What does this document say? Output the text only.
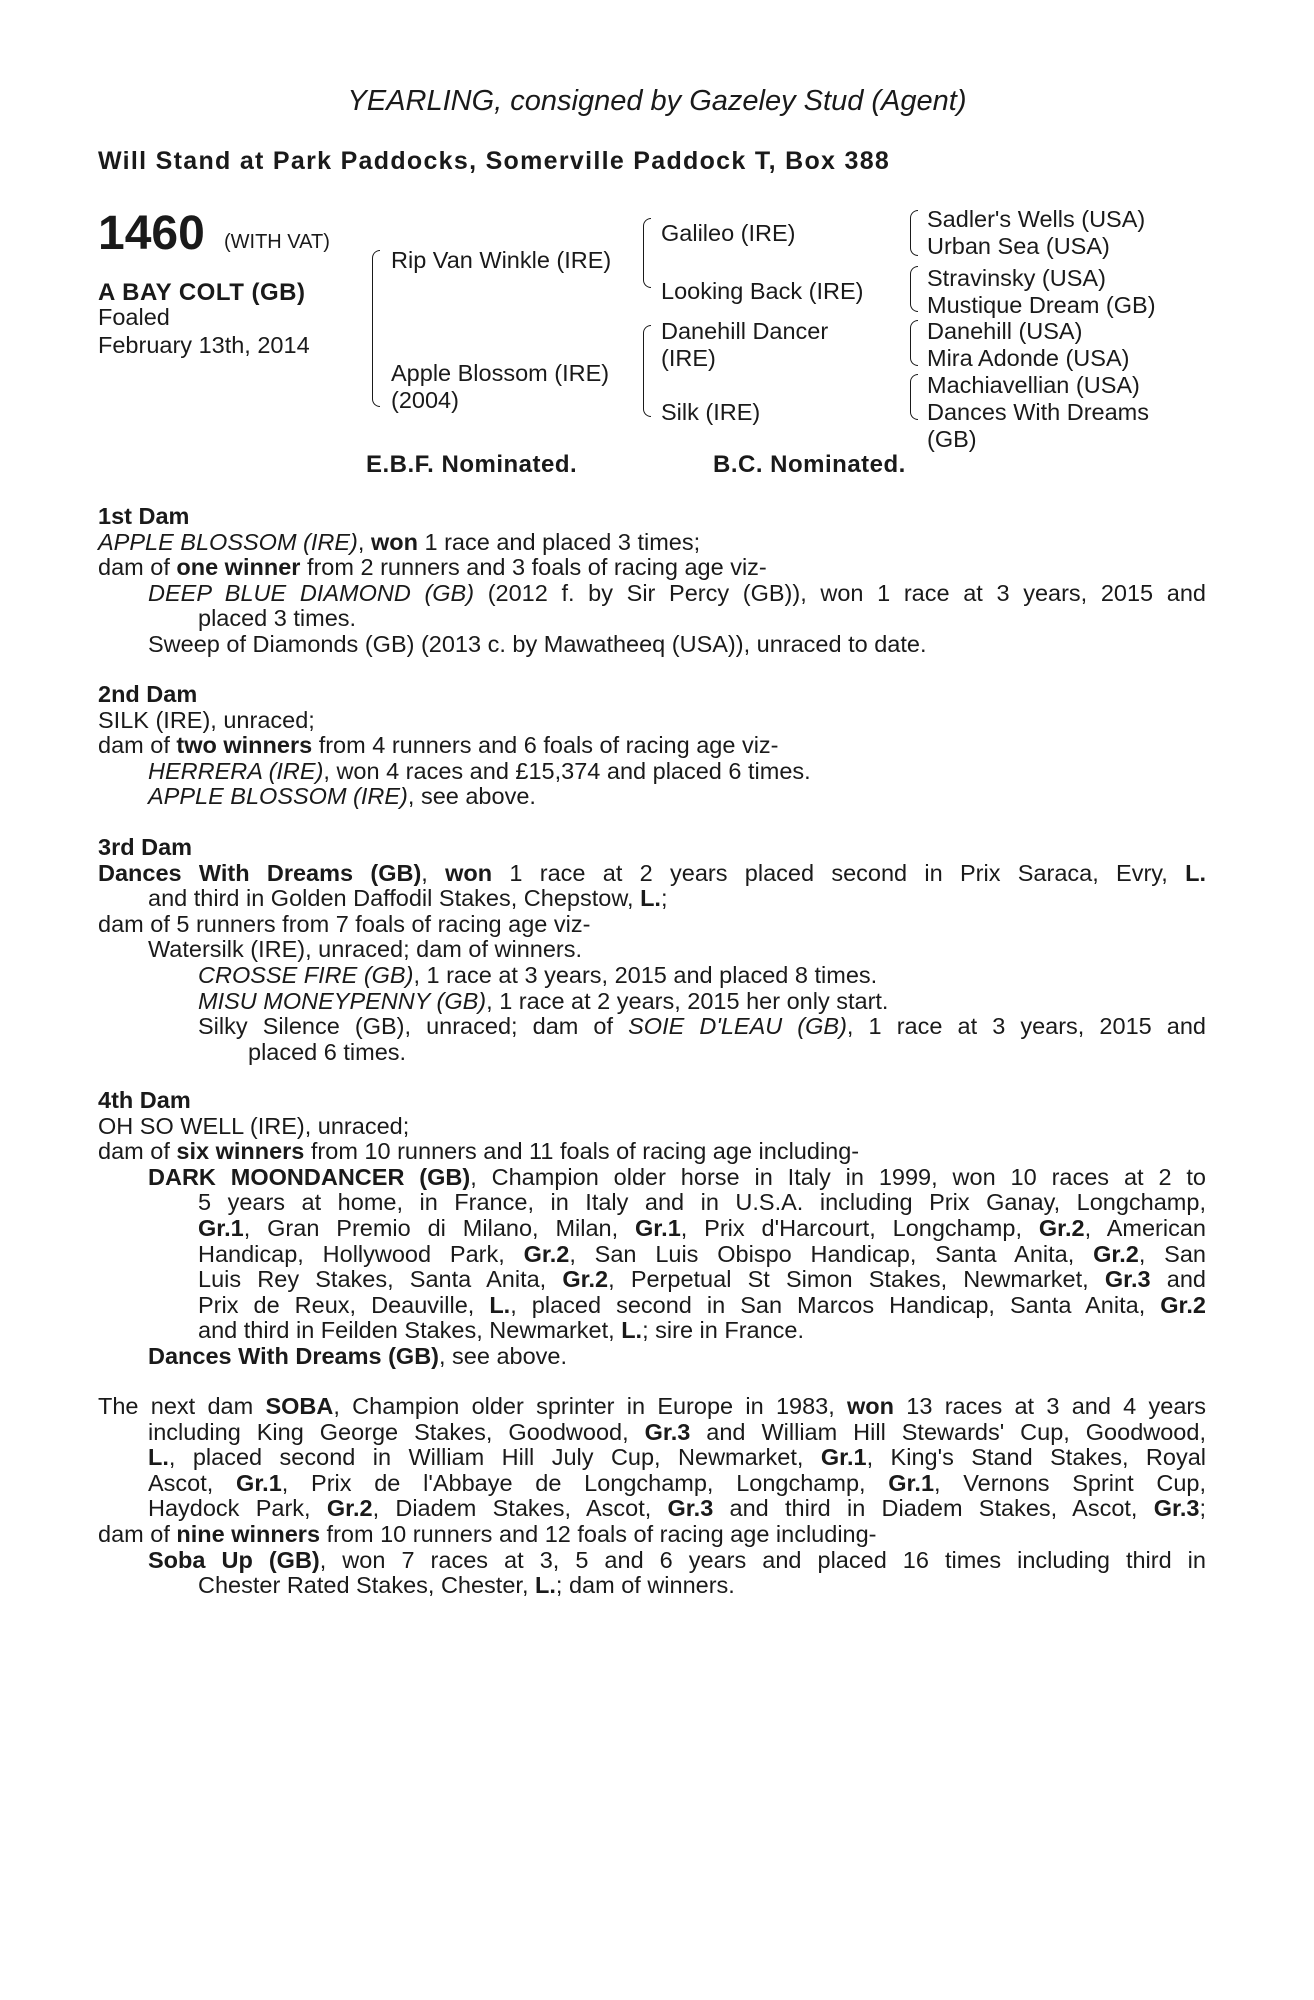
YEARLING, consigned by Gazeley Stud (Agent)
Will Stand at Park Paddocks, Somerville Paddock T, Box 388
1460 (WITH VAT)
A BAY COLT (GB)
Foaled
February 13th, 2014
Rip Van Winkle (IRE)
Apple Blossom (IRE)
(2004)
Galileo (IRE)
Looking Back (IRE)
Danehill Dancer
(IRE)
Silk (IRE)
Sadler's Wells (USA)
Urban Sea (USA)
Stravinsky (USA)
Mustique Dream (GB)
Danehill (USA)
Mira Adonde (USA)
Machiavellian (USA)
Dances With Dreams
(GB)
E.B.F. Nominated.	B.C. Nominated.
1st Dam
APPLE BLOSSOM (IRE), won 1 race and placed 3 times;
dam of one winner from 2 runners and 3 foals of racing age viz-
DEEP BLUE DIAMOND (GB) (2012 f. by Sir Percy (GB)), won 1 race at 3 years, 2015 and
placed 3 times.
Sweep of Diamonds (GB) (2013 c. by Mawatheeq (USA)), unraced to date.
2nd Dam
SILK (IRE), unraced;
dam of two winners from 4 runners and 6 foals of racing age viz-
HERRERA (IRE), won 4 races and £15,374 and placed 6 times.
APPLE BLOSSOM (IRE), see above.
3rd Dam
Dances With Dreams (GB), won 1 race at 2 years placed second in Prix Saraca, Evry, L.
and third in Golden Daffodil Stakes, Chepstow, L.;
dam of 5 runners from 7 foals of racing age viz-
Watersilk (IRE), unraced; dam of winners.
CROSSE FIRE (GB), 1 race at 3 years, 2015 and placed 8 times.
MISU MONEYPENNY (GB), 1 race at 2 years, 2015 her only start.
Silky Silence (GB), unraced; dam of SOIE D'LEAU (GB), 1 race at 3 years, 2015 and
placed 6 times.
4th Dam
OH SO WELL (IRE), unraced;
dam of six winners from 10 runners and 11 foals of racing age including-
DARK MOONDANCER (GB), Champion older horse in Italy in 1999, won 10 races at 2 to
5 years at home, in France, in Italy and in U.S.A. including Prix Ganay, Longchamp,
Gr.1, Gran Premio di Milano, Milan, Gr.1, Prix d'Harcourt, Longchamp, Gr.2, American
Handicap, Hollywood Park, Gr.2, San Luis Obispo Handicap, Santa Anita, Gr.2, San
Luis Rey Stakes, Santa Anita, Gr.2, Perpetual St Simon Stakes, Newmarket, Gr.3 and
Prix de Reux, Deauville, L., placed second in San Marcos Handicap, Santa Anita, Gr.2
and third in Feilden Stakes, Newmarket, L.; sire in France.
Dances With Dreams (GB), see above.
The next dam SOBA, Champion older sprinter in Europe in 1983, won 13 races at 3 and 4 years
including King George Stakes, Goodwood, Gr.3 and William Hill Stewards' Cup, Goodwood,
L., placed second in William Hill July Cup, Newmarket, Gr.1, King's Stand Stakes, Royal
Ascot, Gr.1, Prix de l'Abbaye de Longchamp, Longchamp, Gr.1, Vernons Sprint Cup,
Haydock Park, Gr.2, Diadem Stakes, Ascot, Gr.3 and third in Diadem Stakes, Ascot, Gr.3;
dam of nine winners from 10 runners and 12 foals of racing age including-
Soba Up (GB), won 7 races at 3, 5 and 6 years and placed 16 times including third in
Chester Rated Stakes, Chester, L.; dam of winners.
